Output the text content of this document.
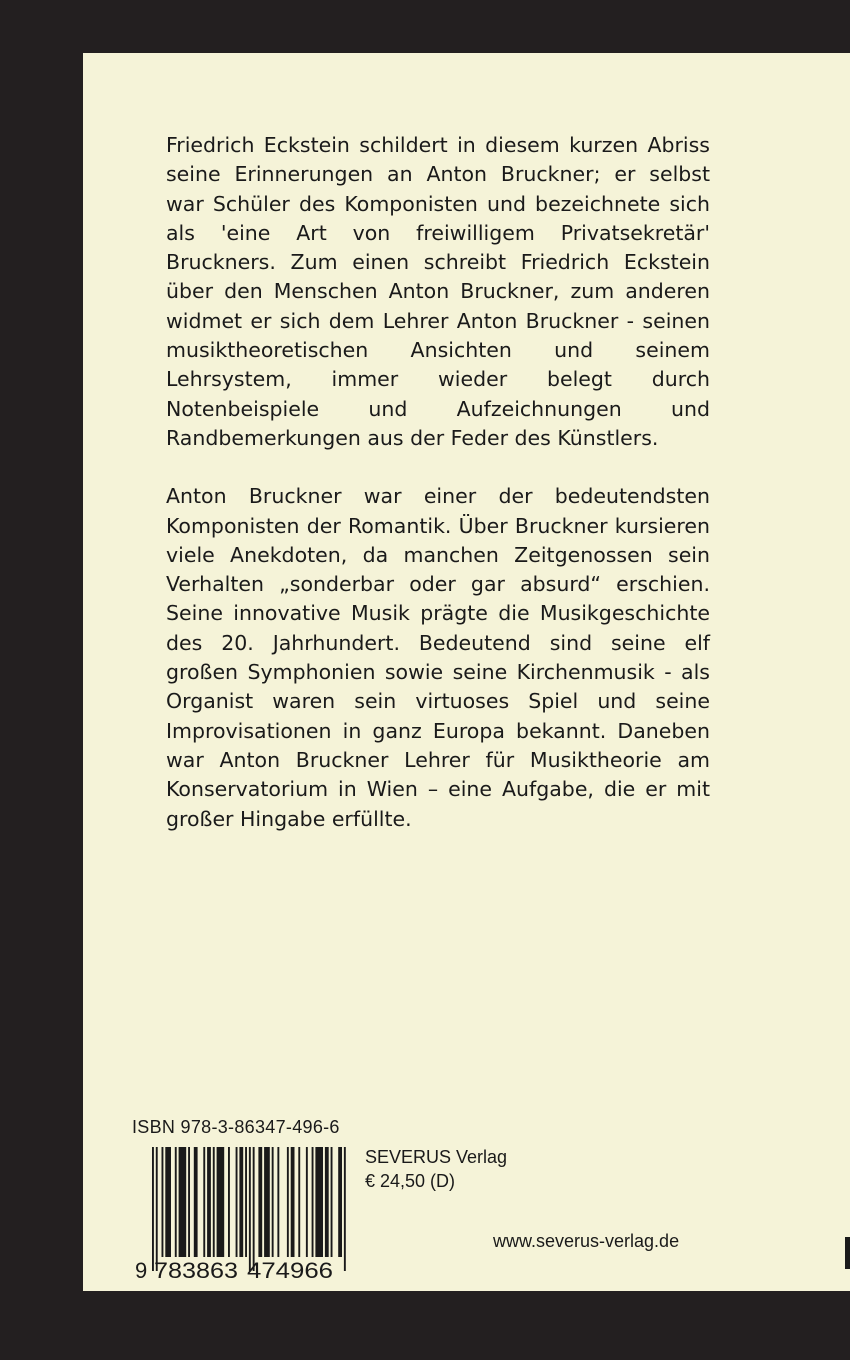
Friedrich Eckstein schildert in diesem kurzen Abriss seine Erinnerungen an Anton Bruckner; er selbst war Schüler des Komponisten und bezeichnete sich als 'eine Art von freiwilligem Privatsekretär' Bruckners. Zum einen schreibt Friedrich Eckstein über den Menschen Anton Bruckner, zum anderen widmet er sich dem Lehrer Anton Bruckner - seinen musiktheoretischen Ansichten und seinem Lehrsystem, immer wieder belegt durch Notenbeispiele und Aufzeichnungen und Randbemerkungen aus der Feder des Künstlers.

Anton Bruckner war einer der bedeutendsten Komponisten der Romantik. Über Bruckner kursieren viele Anekdoten, da manchen Zeitgenossen sein Verhalten „sonderbar oder gar absurd“ erschien. Seine innovative Musik prägte die Musikgeschichte des 20. Jahrhundert. Bedeutend sind seine elf großen Symphonien sowie seine Kirchenmusik - als Organist waren sein virtuoses Spiel und seine Improvisationen in ganz Europa bekannt. Daneben war Anton Bruckner Lehrer für Musiktheorie am Konservatorium in Wien – eine Aufgabe, die er mit großer Hingabe erfüllte.

ISBN 978-3-86347-496-6
9 783863 474966
SEVERUS Verlag
€ 24,50 (D)
www.severus-verlag.de
